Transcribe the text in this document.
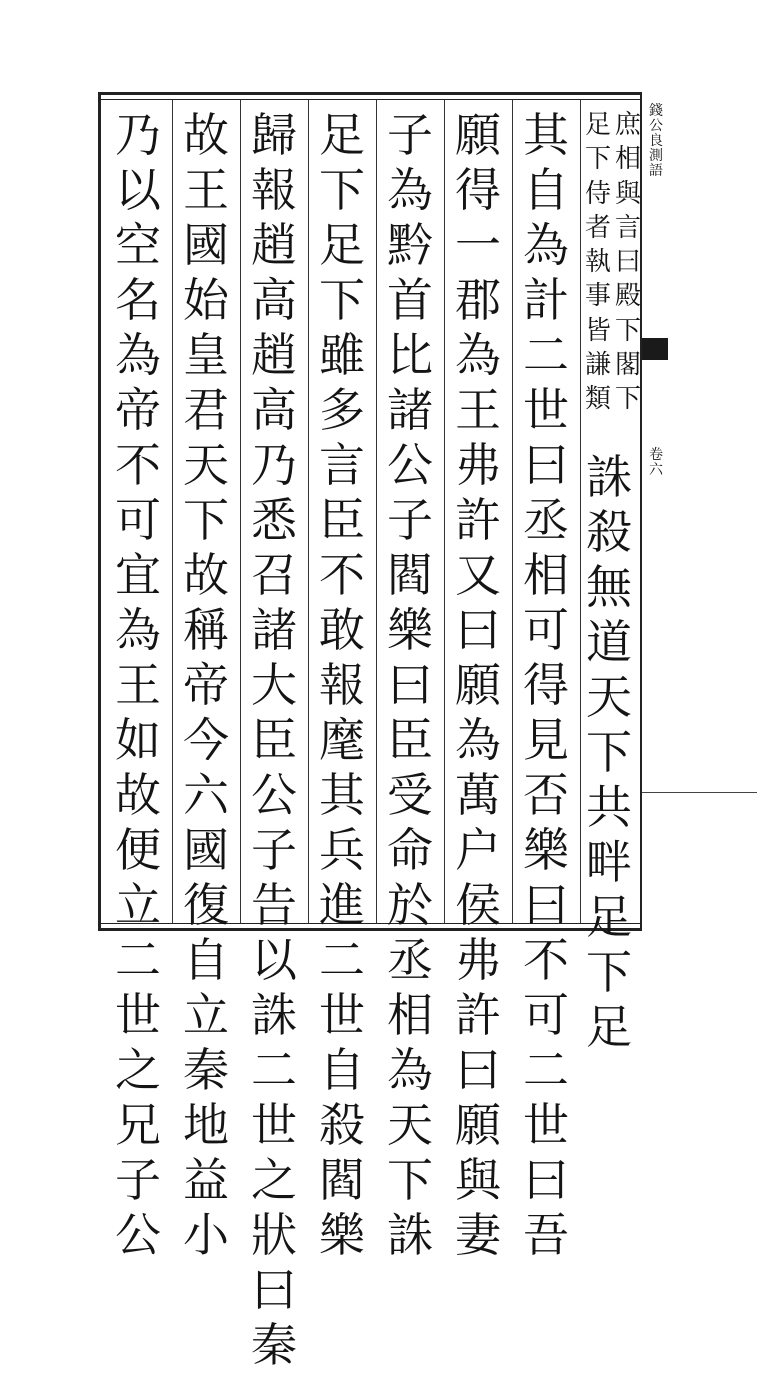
錢
公
良
測
語
卷
六
庶
相
與
言
曰
殿
下
閣
下
足
下
侍
者
執
事
皆
謙
類
誅
殺
無
道
天
下
共
畔
足
下
足
其
自
為
計
二
世
曰
丞
相
可
得
見
否
樂
曰
不
可
二
世
曰
吾
願
得
一
郡
為
王
弗
許
又
曰
願
為
萬
户
侯
弗
許
曰
願
與
妻
子
為
黔
首
比
諸
公
子
閻
樂
曰
臣
受
命
於
丞
相
為
天
下
誅
足
下
足
下
雖
多
言
臣
不
敢
報
麾
其
兵
進
二
世
自
殺
閻
樂
歸
報
趙
高
趙
高
乃
悉
召
諸
大
臣
公
子
告
以
誅
二
世
之
狀
曰
秦
故
王
國
始
皇
君
天
下
故
稱
帝
今
六
國
復
自
立
秦
地
益
小
乃
以
空
名
為
帝
不
可
宜
為
王
如
故
便
立
二
世
之
兄
子
公
